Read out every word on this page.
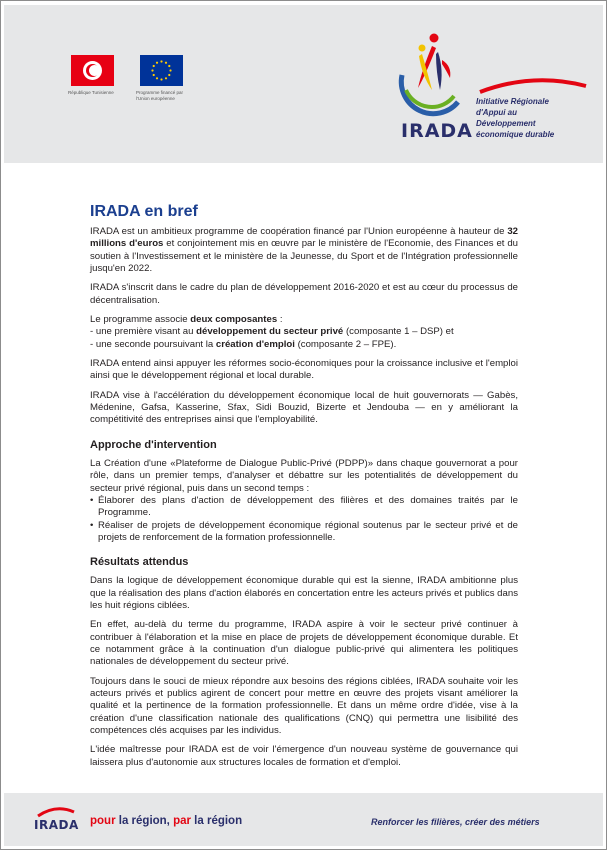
République Tunisienne	Programme financé par
l'Union européenne
IRADA
Initiative Régionale
d'Appui au
Développement
économique durable
IRADA en bref
IRADA est un ambitieux programme de coopération financé par l'Union européenne à hauteur de 32 millions d'euros et conjointement mis en œuvre par le ministère de l'Economie, des Finances et du soutien à l'Investissement et le ministère de la Jeunesse, du Sport et de l'Intégration professionnelle jusqu'en 2022.
IRADA s'inscrit dans le cadre du plan de développement 2016-2020 et est au cœur du processus de décentralisation.
Le programme associe deux composantes :
- une première visant au développement du secteur privé (composante 1 – DSP) et
- une seconde poursuivant la création d'emploi (composante 2 – FPE).
IRADA entend ainsi appuyer les réformes socio-économiques pour la croissance inclusive et l'emploi ainsi que le développement régional et local durable.
IRADA vise à l'accélération du développement économique local de huit gouvernorats — Gabès, Médenine, Gafsa, Kasserine, Sfax, Sidi Bouzid, Bizerte et Jendouba — en y améliorant la compétitivité des entreprises ainsi que l'employabilité.
Approche d'intervention
La Création d'une «Plateforme de Dialogue Public-Privé (PDPP)» dans chaque gouvernorat a pour rôle, dans un premier temps, d'analyser et débattre sur les potentialités de développement du secteur privé régional, puis dans un second temps :
• Élaborer des plans d'action de développement des filières et des domaines traités par le Programme.
• Réaliser de projets de développement économique régional soutenus par le secteur privé et de projets de renforcement de la formation professionnelle.
Résultats attendus
Dans la logique de développement économique durable qui est la sienne, IRADA ambitionne plus que la réalisation des plans d'action élaborés en concertation entre les acteurs privés et publics dans les huit régions ciblées.
En effet, au-delà du terme du programme, IRADA aspire à voir le secteur privé continuer à contribuer à l'élaboration et la mise en place de projets de développement économique durable. Et ce notamment grâce à la continuation d'un dialogue public-privé qui alimentera les politiques nationales de développement du secteur privé.
Toujours dans le souci de mieux répondre aux besoins des régions ciblées, IRADA souhaite voir les acteurs privés et publics agirent de concert pour mettre en œuvre des projets visant améliorer la qualité et la pertinence de la formation professionnelle. Et dans un même ordre d'idée, vise à la création d'une classification nationale des qualifications (CNQ) qui permettra une lisibilité des compétences clés acquises par les individus.
L'idée maîtresse pour IRADA est de voir l'émergence d'un nouveau système de gouvernance qui laissera plus d'autonomie aux structures locales de formation et d'emploi.
IRADA pour la région, par la région	Renforcer les filières, créer des métiers
